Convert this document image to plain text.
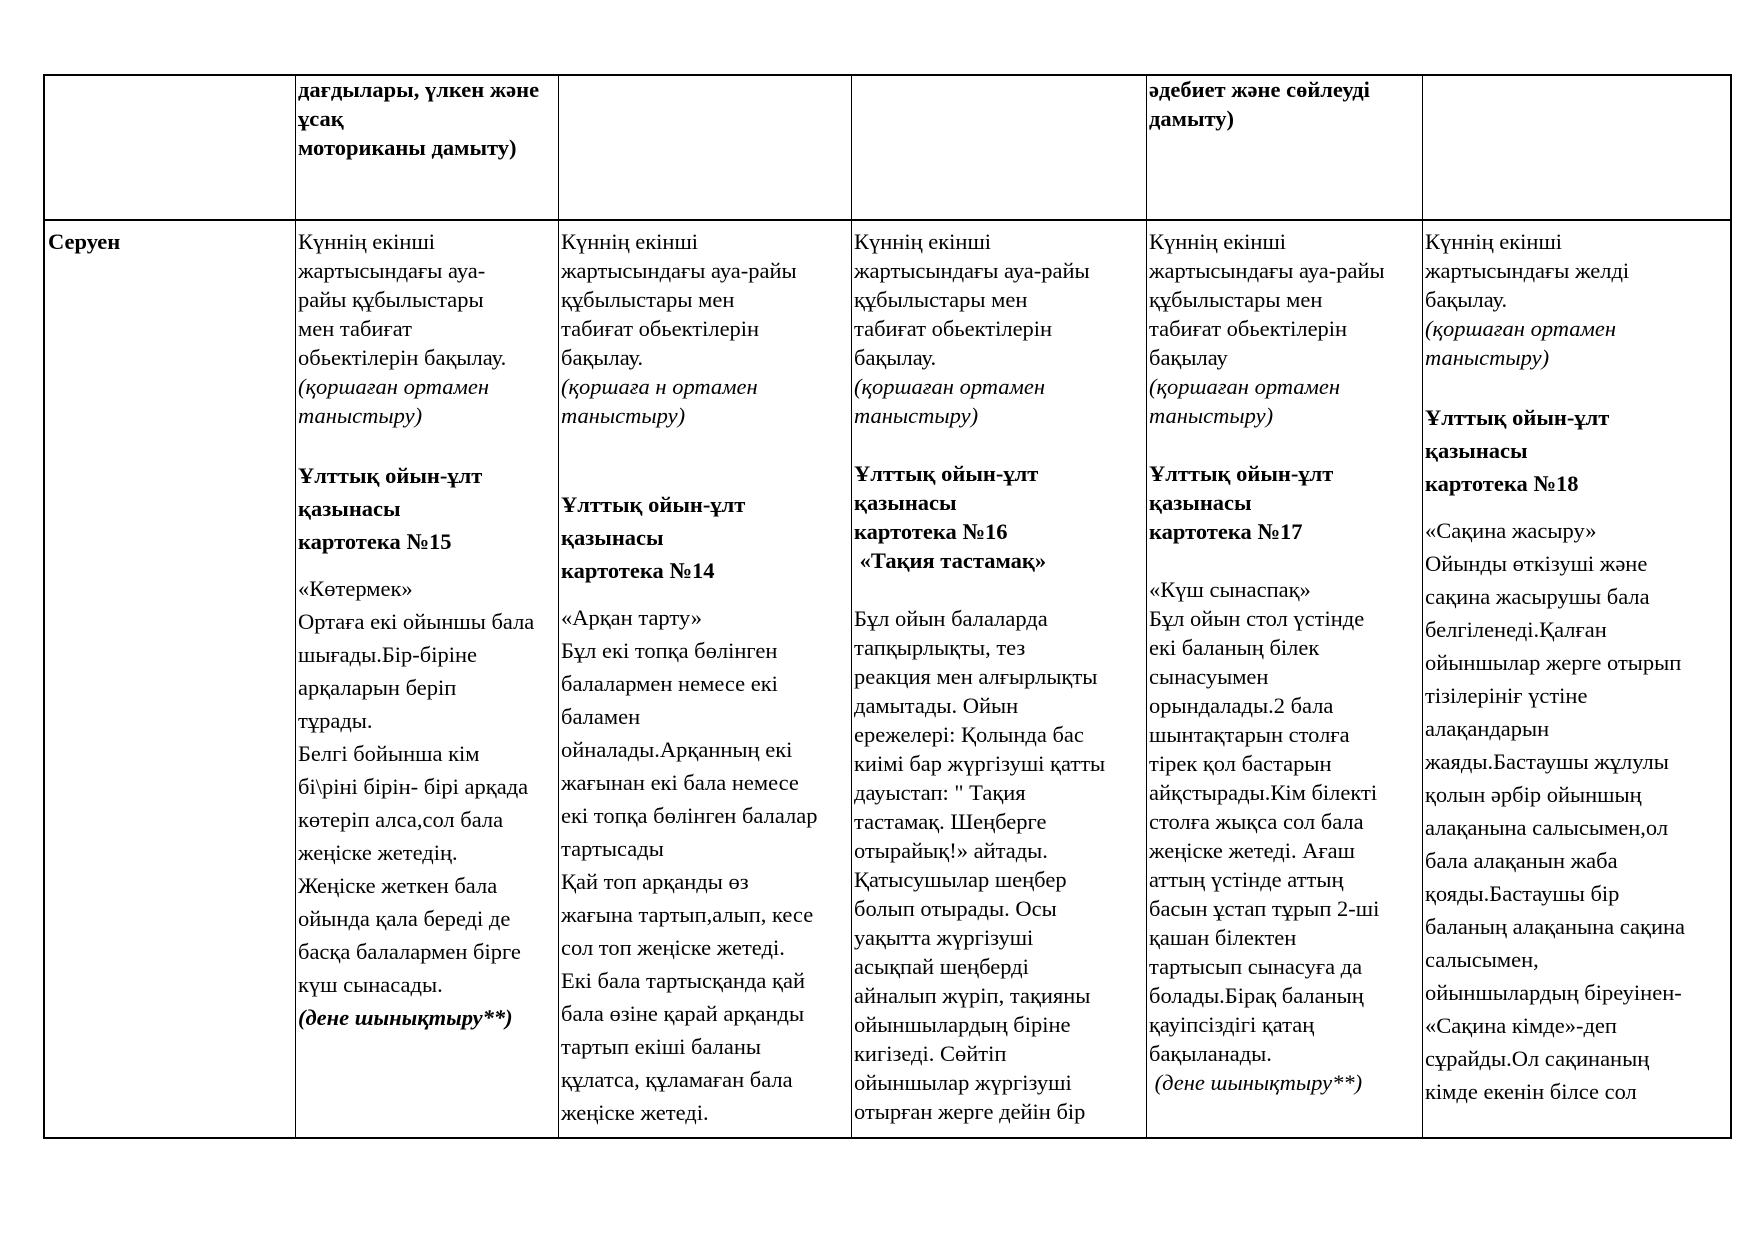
дағдылары, үлкен және

ұсақ

моториканы дамыту)

әдебиет және сөйлеуді

дамыту)

Серуен	Күннің екінші

жартысындағы ауа-

райы құбылыстары

мен табиғат

обьектілерін бақылау.

(қоршаған ортамен

таныстыру)

Ұлттық ойын-ұлт

қазынасы

картотека №15

«Көтермек»

Ортаға екі ойыншы бала

шығады.Бір-біріне

арқаларын беріп

тұрады.

Белгі бойынша кім

бі\ріні бірін- бірі арқада

көтеріп алса,сол бала

жеңіске жетедің.

Жеңіске жеткен бала

ойында қала береді де

басқа балалармен бірге

күш сынасады.

(дене шынықтыру**)

Күннің екінші

жартысындағы ауа-райы

құбылыстары мен

табиғат обьектілерін

бақылау.

(қоршаға н ортамен

таныстыру)

Ұлттық ойын-ұлт

қазынасы

картотека №14

«Арқан тарту»

Бұл екі топқа бөлінген

балалармен немесе екі

баламен

ойналады.Арқанның екі

жағынан екі бала немесе

екі топқа бөлінген балалар

тартысады

Қай топ арқанды өз

жағына тартып,алып, кесе

сол топ жеңіске жетеді.

Екі бала тартысқанда қай

бала өзіне қарай арқанды

тартып екіші баланы

құлатса, құламаған бала

жеңіске жетеді.

Күннің екінші

жартысындағы ауа-райы

құбылыстары мен

табиғат обьектілерін

бақылау.

(қоршаған ортамен

таныстыру)

Ұлттық ойын-ұлт

қазынасы

картотека №16

«Тақия тастамақ»

Бұл ойын балаларда

тапқырлықты, тез

реакция мен алғырлықты

дамытады. Ойын

ережелері: Қолында бас

киімі бар жүргізуші қатты

дауыстап: " Тақия

тастамақ. Шеңберге

отырайық!» айтады.

Қатысушылар шеңбер

болып отырады. Осы

уақытта жүргізуші

асықпай шеңберді

айналып жүріп, тақияны

ойыншылардың біріне

кигізеді. Сөйтіп

ойыншылар жүргізуші

отырған жерге дейін бір

Күннің екінші

жартысындағы ауа-райы

құбылыстары мен

табиғат обьектілерін

бақылау

(қоршаған ортамен

таныстыру)

Ұлттық ойын-ұлт

қазынасы

картотека №17

«Күш сынаспақ»

Бұл ойын стол үстінде

екі баланың білек

сынасуымен

орындалады.2 бала

шынтақтарын столға

тірек қол бастарын

айқстырады.Кім білекті

столға жықса сол бала

жеңіске жетеді. Ағаш

аттың үстінде аттың

басын ұстап тұрып 2-ші

қашан білектен

тартысып сынасуға да

болады.Бірақ баланың

қауіпсіздігі қатаң

бақыланады.

(дене шынықтыру**)

Күннің екінші

жартысындағы желді

бақылау.

(қоршаған ортамен

таныстыру)

Ұлттық ойын-ұлт

қазынасы

картотека №18

«Сақина жасыру»

Ойынды өткізуші және

сақина жасырушы бала

белгіленеді.Қалған

ойыншылар жерге отырып

тізілерініғ үстіне

алақандарын

жаяды.Бастаушы жұлулы

қолын әрбір ойыншың

алақанына салысымен,ол

бала алақанын жаба

қояды.Бастаушы бір

баланың алақанына сақина

салысымен,

ойыншылардың біреуінен-

«Сақина кімде»-деп

сұрайды.Ол сақинаның

кімде екенін білсе сол
